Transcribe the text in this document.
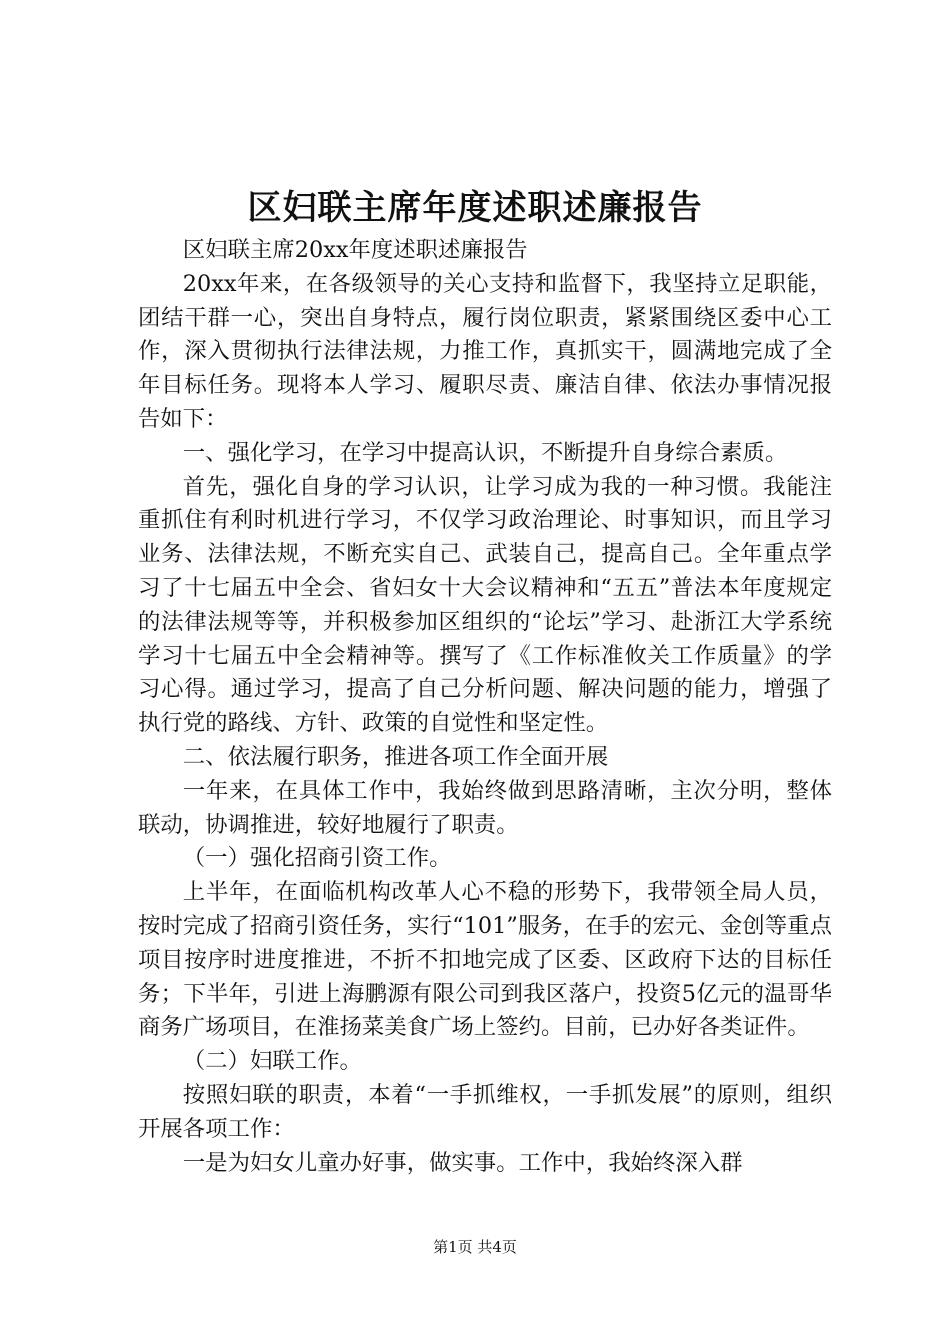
区妇联主席年度述职述廉报告

区妇联主席20xx年度述职述廉报告

20xx年来，在各级领导的关心支持和监督下，我坚持立足职能，团结干群一心，突出自身特点，履行岗位职责，紧紧围绕区委中心工作，深入贯彻执行法律法规，力推工作，真抓实干，圆满地完成了全年目标任务。现将本人学习、履职尽责、廉洁自律、依法办事情况报告如下：

一、强化学习，在学习中提高认识，不断提升自身综合素质。

首先，强化自身的学习认识，让学习成为我的一种习惯。我能注重抓住有利时机进行学习，不仅学习政治理论、时事知识，而且学习业务、法律法规，不断充实自己、武装自己，提高自己。全年重点学习了十七届五中全会、省妇女十大会议精神和“五五”普法本年度规定的法律法规等等，并积极参加区组织的“论坛”学习、赴浙江大学系统学习十七届五中全会精神等。撰写了《工作标准攸关工作质量》的学习心得。通过学习，提高了自己分析问题、解决问题的能力，增强了执行党的路线、方针、政策的自觉性和坚定性。

二、依法履行职务，推进各项工作全面开展

一年来，在具体工作中，我始终做到思路清晰，主次分明，整体联动，协调推进，较好地履行了职责。

（一）强化招商引资工作。

上半年，在面临机构改革人心不稳的形势下，我带领全局人员，按时完成了招商引资任务，实行“101”服务，在手的宏元、金创等重点项目按序时进度推进，不折不扣地完成了区委、区政府下达的目标任务；下半年，引进上海鹏源有限公司到我区落户，投资5亿元的温哥华商务广场项目，在淮扬菜美食广场上签约。目前，已办好各类证件。

（二）妇联工作。

按照妇联的职责，本着“一手抓维权，一手抓发展”的原则，组织开展各项工作：

一是为妇女儿童办好事，做实事。工作中，我始终深入群

第1页 共4页
